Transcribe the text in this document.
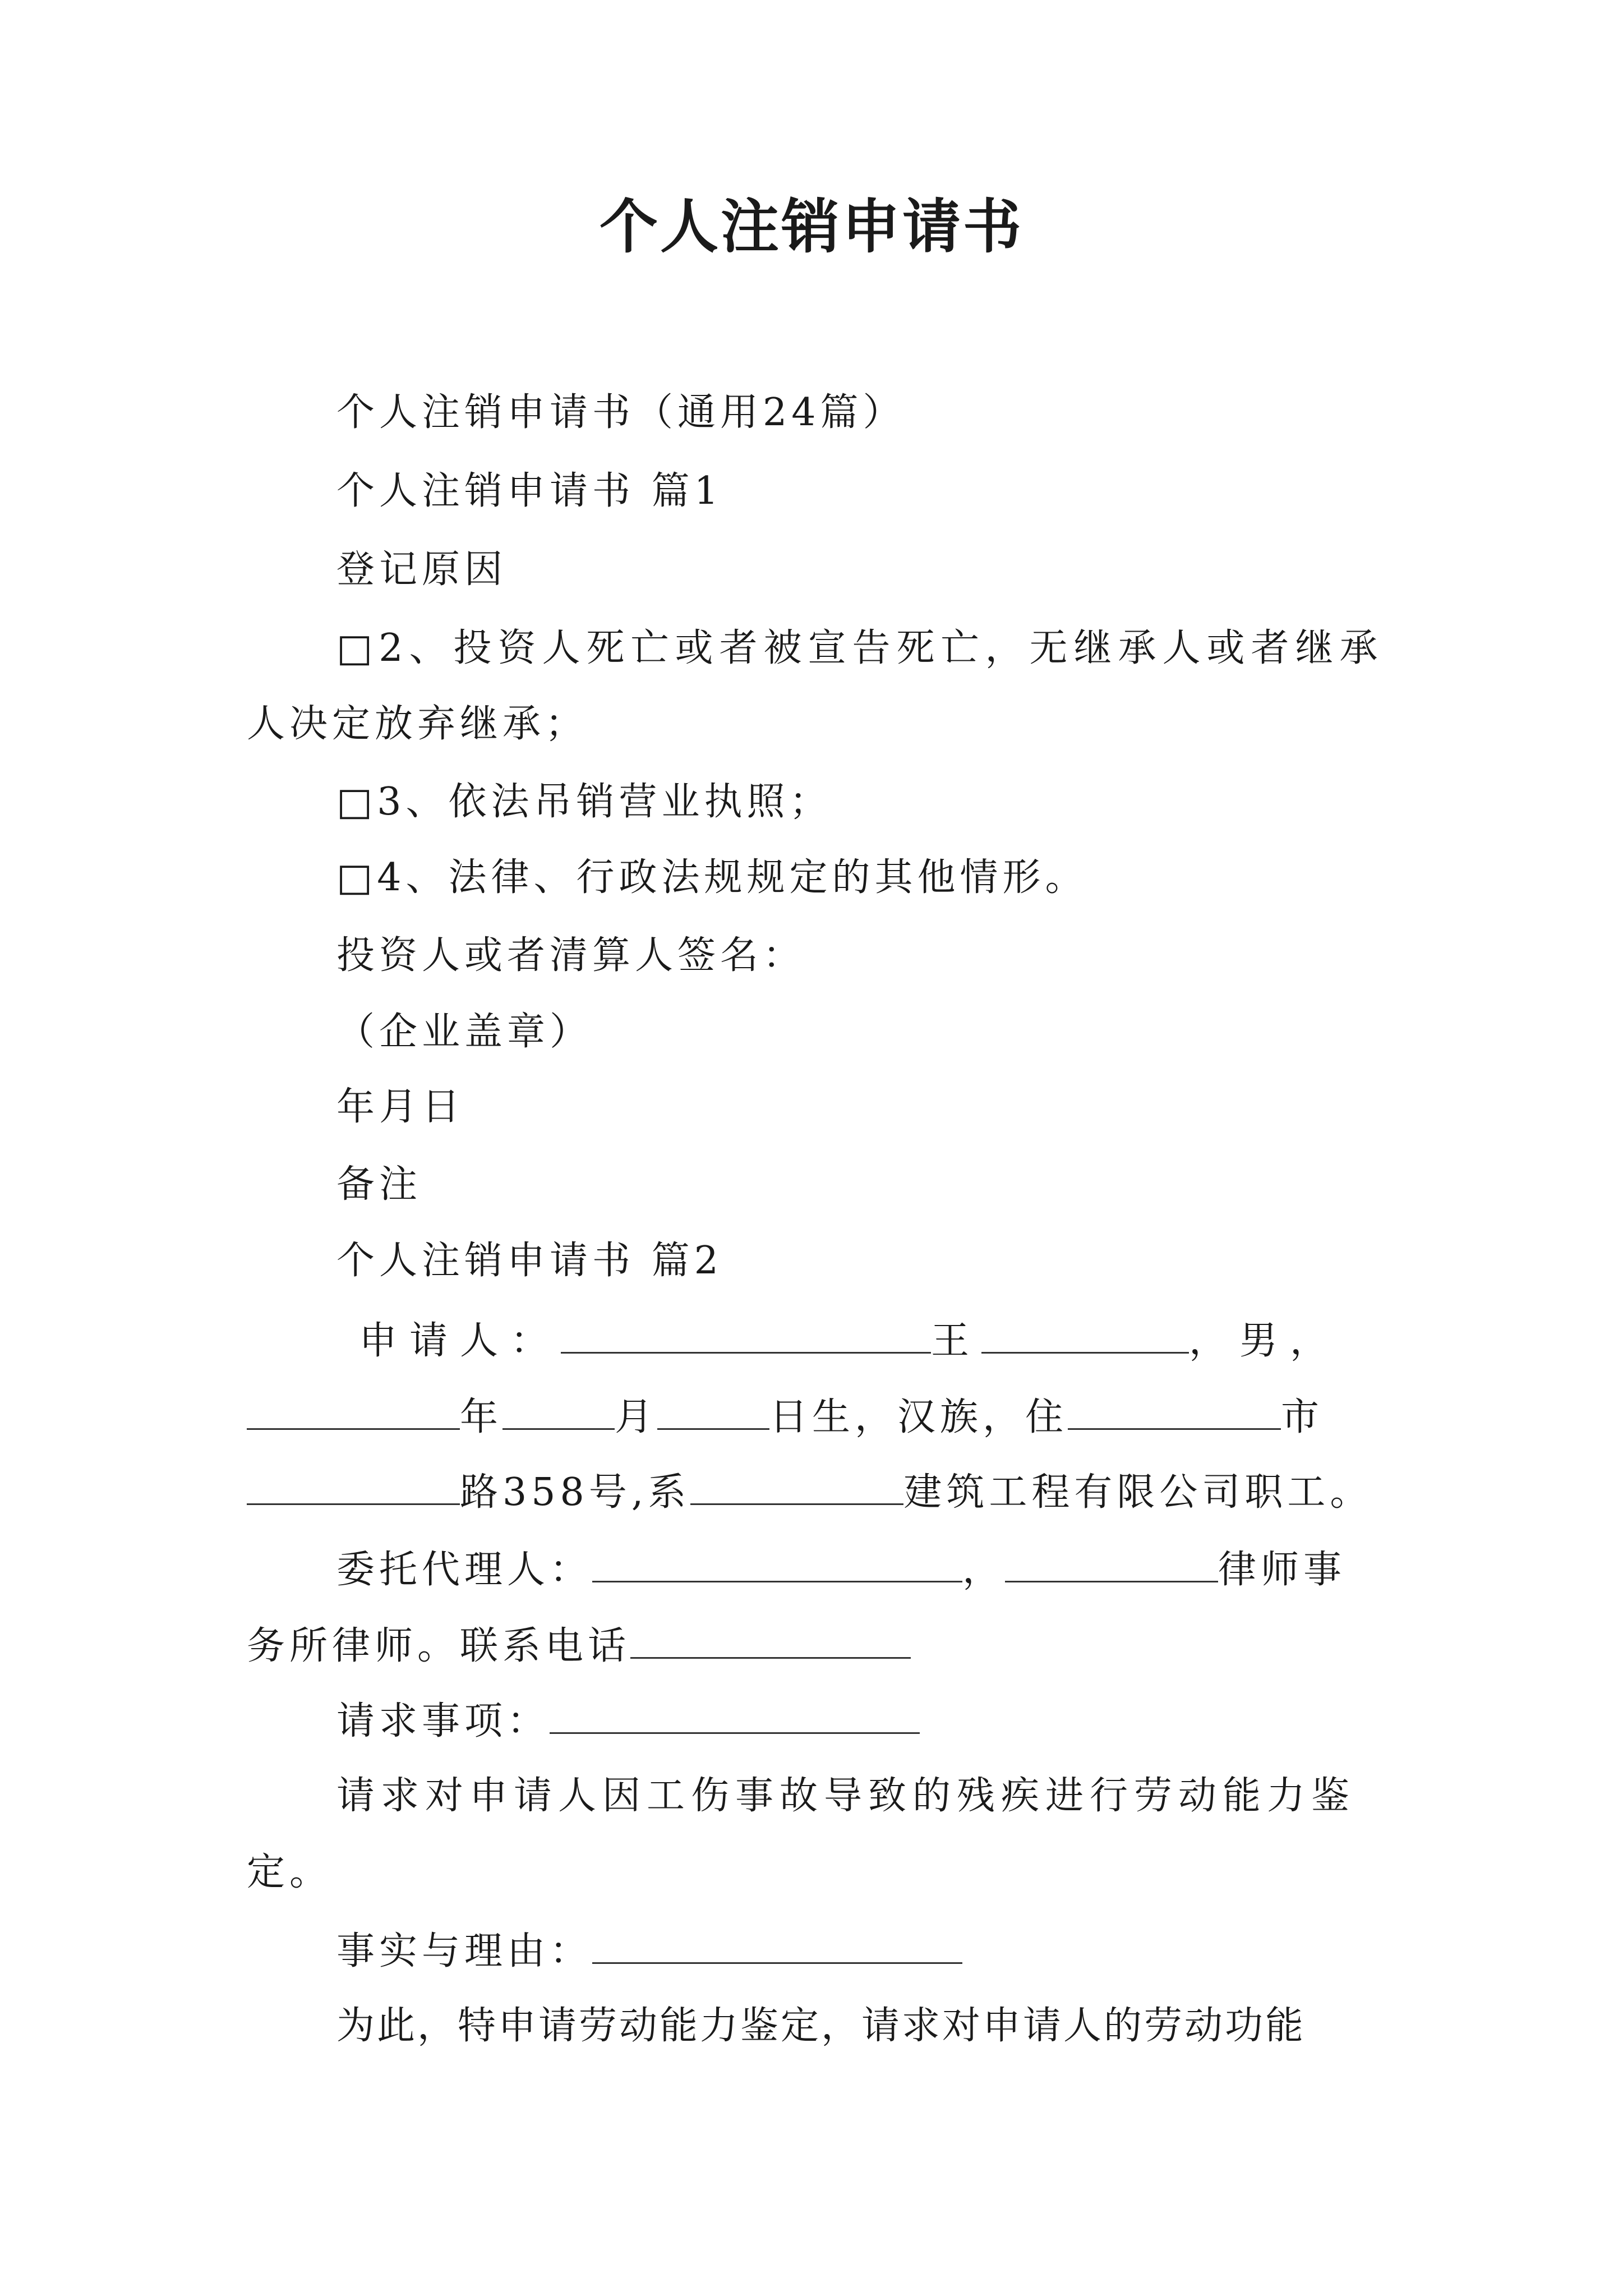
个人注销申请书
个人注销申请书（通用24篇）
个人注销申请书 篇1
登记原因
□2、投资人死亡或者被宣告死亡，无继承人或者继承
人决定放弃继承；
□3、依法吊销营业执照；
□4、法律、行政法规规定的其他情形。
投资人或者清算人签名：
（企业盖章）
年月日
备注
个人注销申请书 篇2
申请人：	王	，男，
年	月	日生，汉族，住	市
路358号,系	建筑工程有限公司职工。
委托代理人：	，	律师事
务所律师。联系电话
请求事项：
请求对申请人因工伤事故导致的残疾进行劳动能力鉴
定。
事实与理由：
为此，特申请劳动能力鉴定，请求对申请人的劳动功能
